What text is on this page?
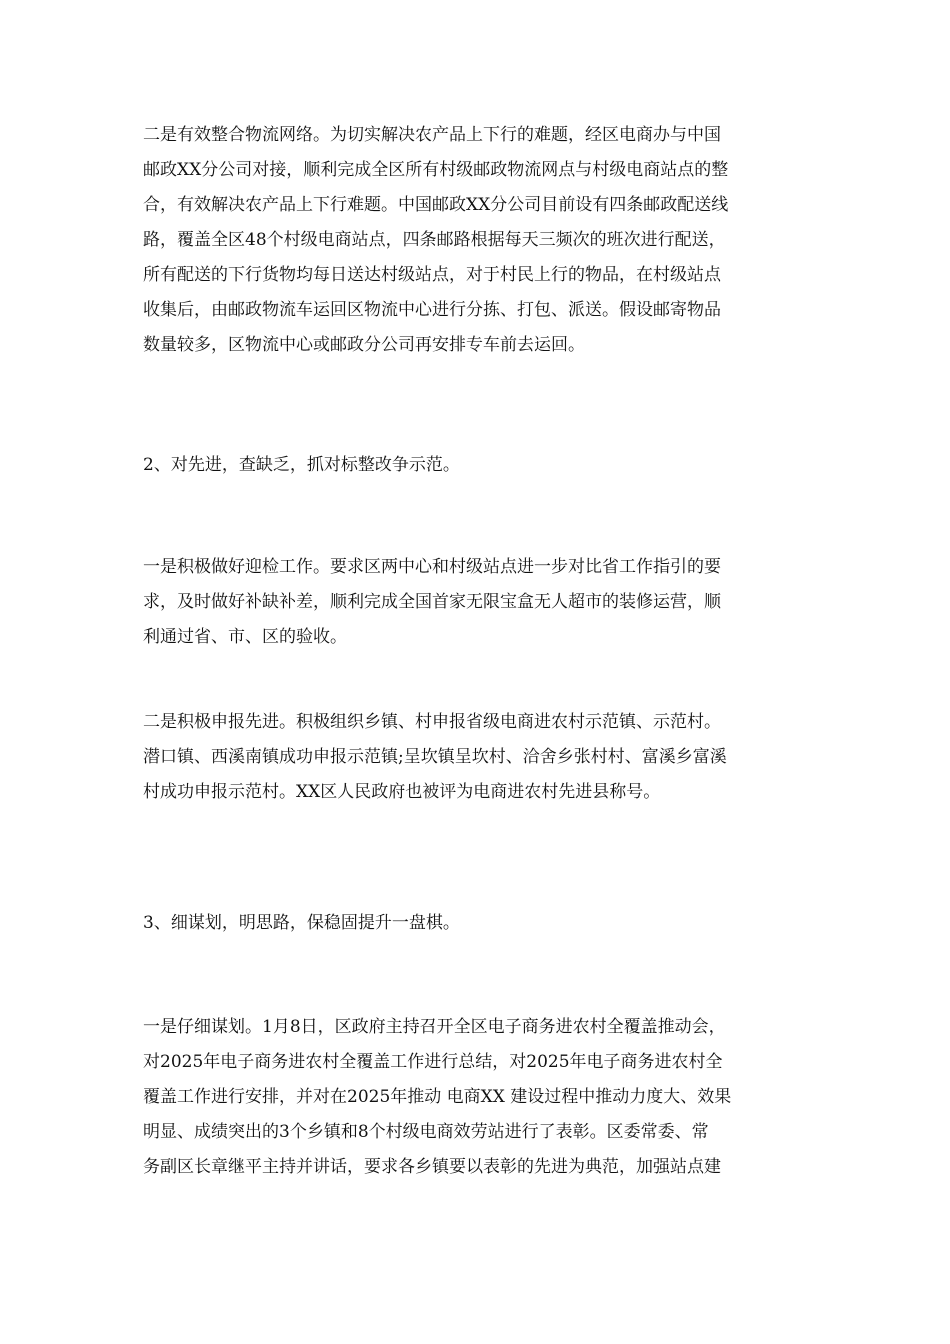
二是有效整合物流网络。为切实解决农产品上下行的难题，经区电商办与中国
邮政XX分公司对接，顺利完成全区所有村级邮政物流网点与村级电商站点的整
合，有效解决农产品上下行难题。中国邮政XX分公司目前设有四条邮政配送线
路，覆盖全区48个村级电商站点，四条邮路根据每天三频次的班次进行配送，
所有配送的下行货物均每日送达村级站点，对于村民上行的物品，在村级站点
收集后，由邮政物流车运回区物流中心进行分拣、打包、派送。假设邮寄物品
数量较多，区物流中心或邮政分公司再安排专车前去运回。
2、对先进，查缺乏，抓对标整改争示范。
一是积极做好迎检工作。要求区两中心和村级站点进一步对比省工作指引的要
求，及时做好补缺补差，顺利完成全国首家无限宝盒无人超市的装修运营，顺
利通过省、市、区的验收。
二是积极申报先进。积极组织乡镇、村申报省级电商进农村示范镇、示范村。
潜口镇、西溪南镇成功申报示范镇;呈坎镇呈坎村、洽舍乡张村村、富溪乡富溪
村成功申报示范村。XX区人民政府也被评为电商进农村先进县称号。
3、细谋划，明思路，保稳固提升一盘棋。
一是仔细谋划。1月8日，区政府主持召开全区电子商务进农村全覆盖推动会，
对2025年电子商务进农村全覆盖工作进行总结，对2025年电子商务进农村全
覆盖工作进行安排，并对在2025年推动 电商XX 建设过程中推动力度大、效果
明显、成绩突出的3个乡镇和8个村级电商效劳站进行了表彰。区委常委、常
务副区长章继平主持并讲话，要求各乡镇要以表彰的先进为典范，加强站点建
